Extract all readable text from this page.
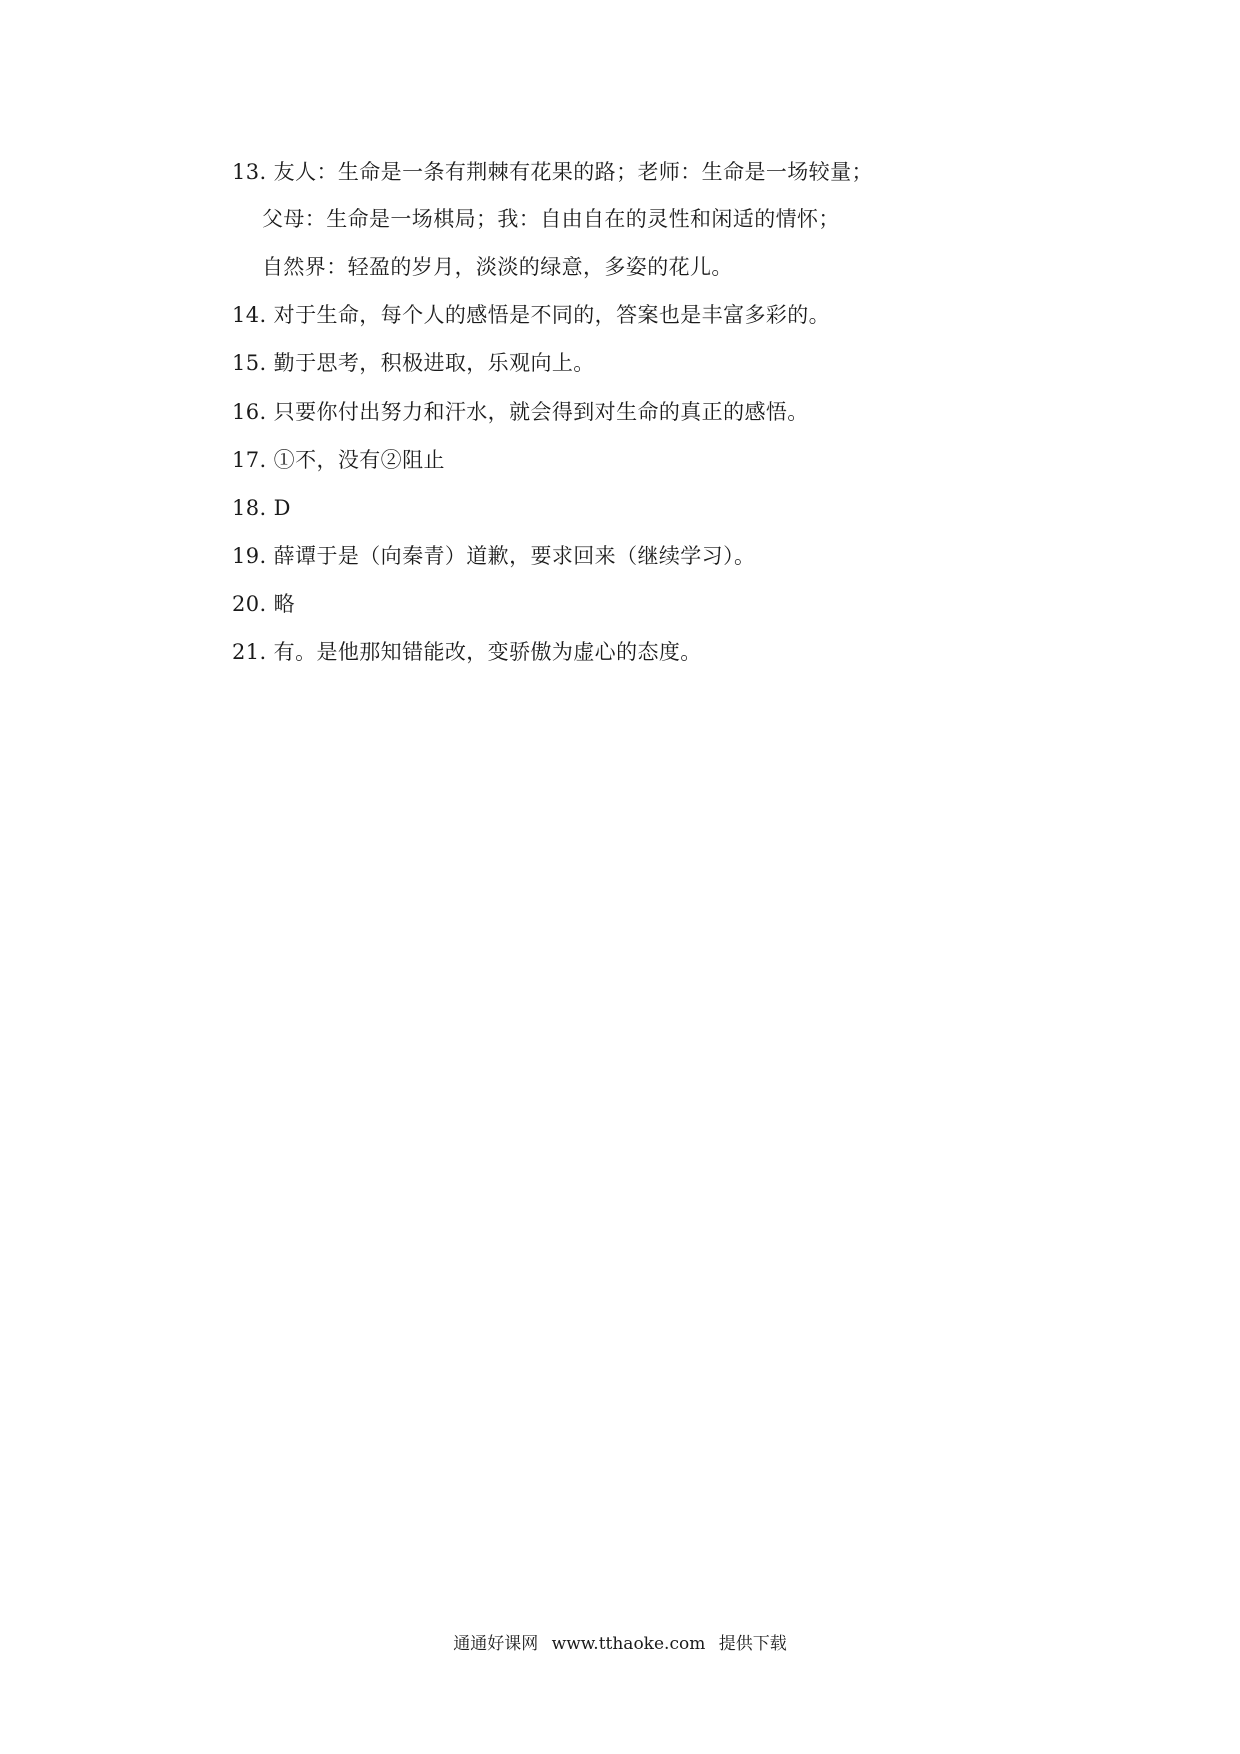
13. 友人：生命是一条有荆棘有花果的路；老师：生命是一场较量；
父母：生命是一场棋局；我：自由自在的灵性和闲适的情怀；
自然界：轻盈的岁月，淡淡的绿意，多姿的花儿。
14. 对于生命，每个人的感悟是不同的，答案也是丰富多彩的。
15. 勤于思考，积极进取，乐观向上。
16. 只要你付出努力和汗水，就会得到对生命的真正的感悟。
17. ①不，没有②阻止
18. D
19. 薛谭于是（向秦青）道歉，要求回来（继续学习）。
20. 略
21. 有。是他那知错能改，变骄傲为虚心的态度。
通通好课网 www.tthaoke.com 提供下载
